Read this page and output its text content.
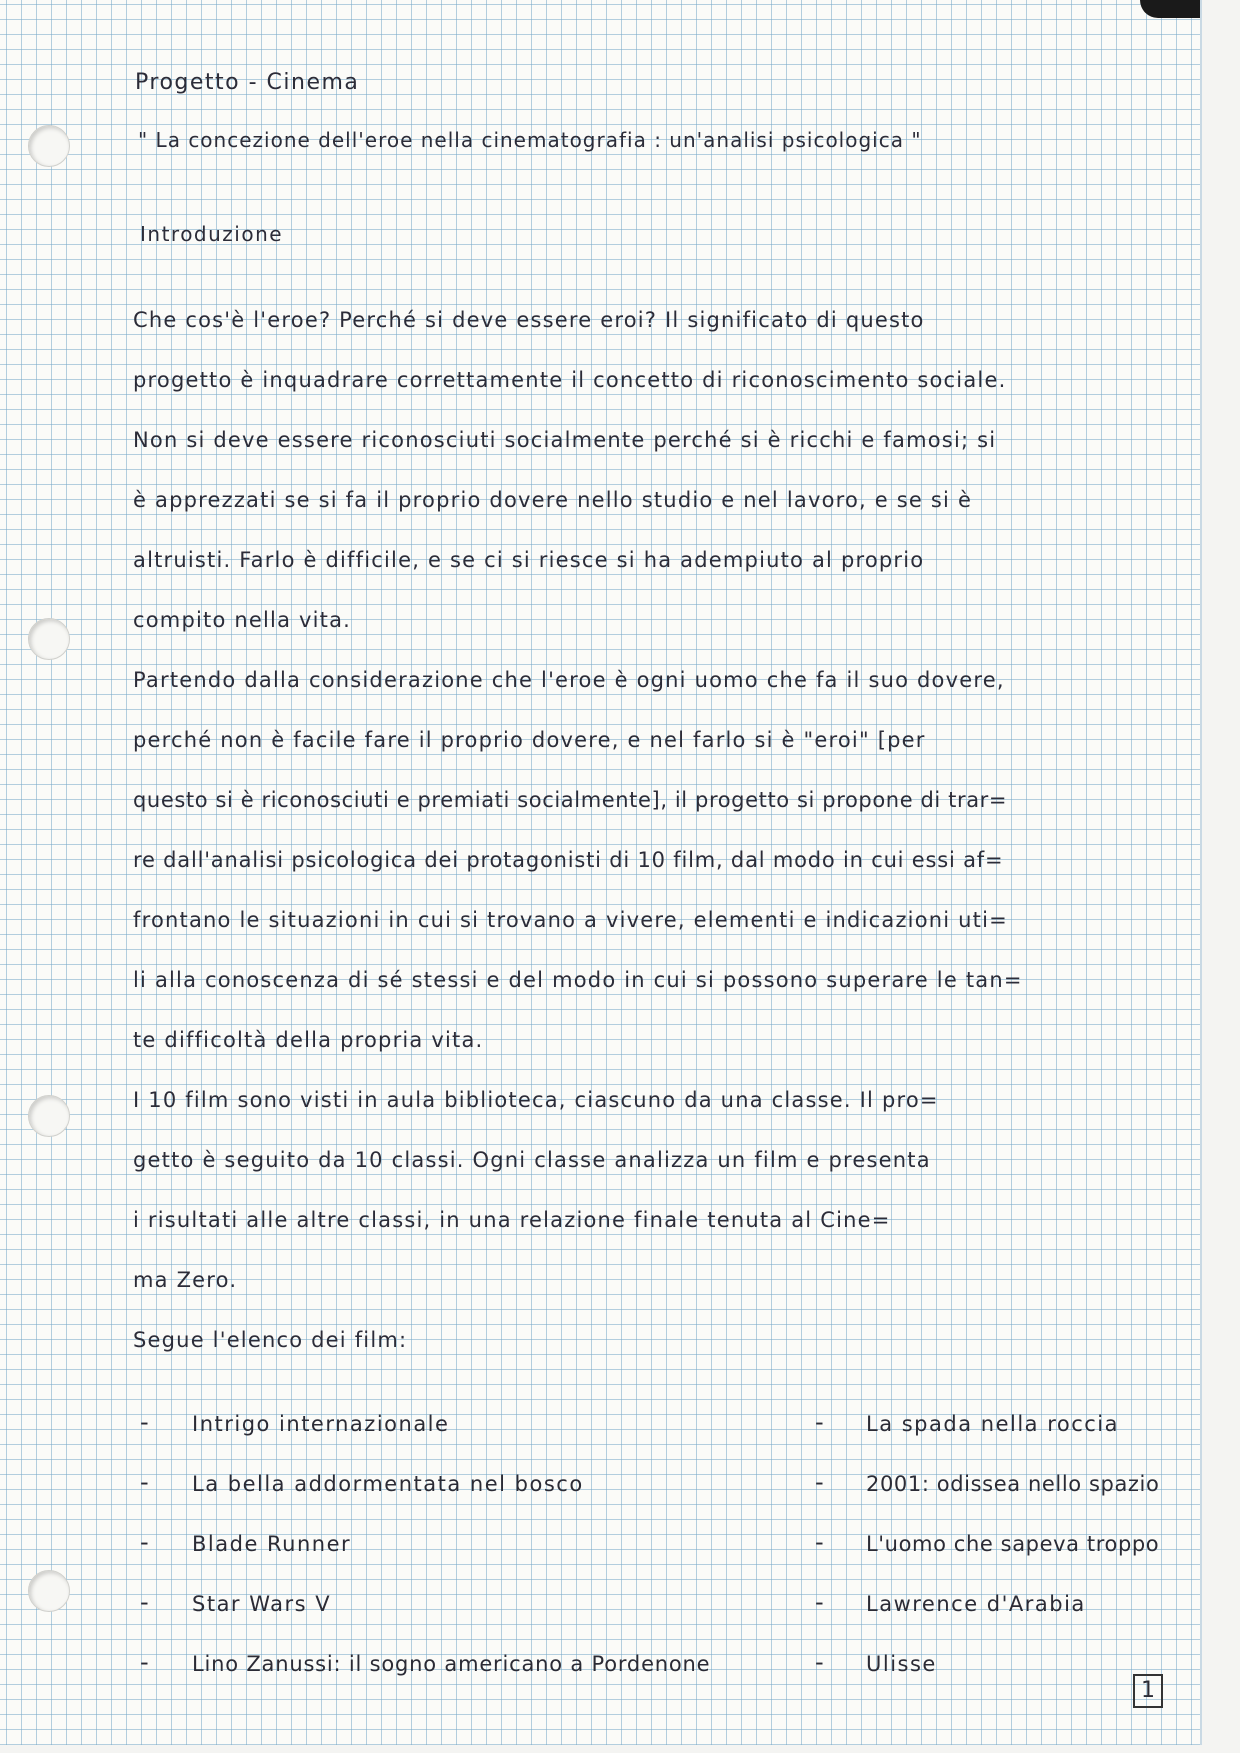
Progetto - Cinema
" La concezione dell'eroe nella cinematografia : un'analisi psicologica "
Introduzione
Che cos'è l'eroe? Perché si deve essere eroi? Il significato di questo
progetto è inquadrare correttamente il concetto di riconoscimento sociale.
Non si deve essere riconosciuti socialmente perché si è ricchi e famosi; si
è apprezzati se si fa il proprio dovere nello studio e nel lavoro, e se si è
altruisti. Farlo è difficile, e se ci si riesce si ha adempiuto al proprio
compito nella vita.
Partendo dalla considerazione che l'eroe è ogni uomo che fa il suo dovere,
perché non è facile fare il proprio dovere, e nel farlo si è "eroi" [per
questo si è riconosciuti e premiati socialmente], il progetto si propone di trar=
re dall'analisi psicologica dei protagonisti di 10 film, dal modo in cui essi af=
frontano le situazioni in cui si trovano a vivere, elementi e indicazioni uti=
li alla conoscenza di sé stessi e del modo in cui si possono superare le tan=
te difficoltà della propria vita.
I 10 film sono visti in aula biblioteca, ciascuno da una classe. Il pro=
getto è seguito da 10 classi. Ogni classe analizza un film e presenta
i risultati alle altre classi, in una relazione finale tenuta al Cine=
ma Zero.
Segue l'elenco dei film:
- Intrigo internazionale
- La bella addormentata nel bosco
- Blade Runner
- Star Wars V
- Lino Zanussi: il sogno americano a Pordenone
- La spada nella roccia
- 2001: odissea nello spazio
- L'uomo che sapeva troppo
- Lawrence d'Arabia
- Ulisse
1
